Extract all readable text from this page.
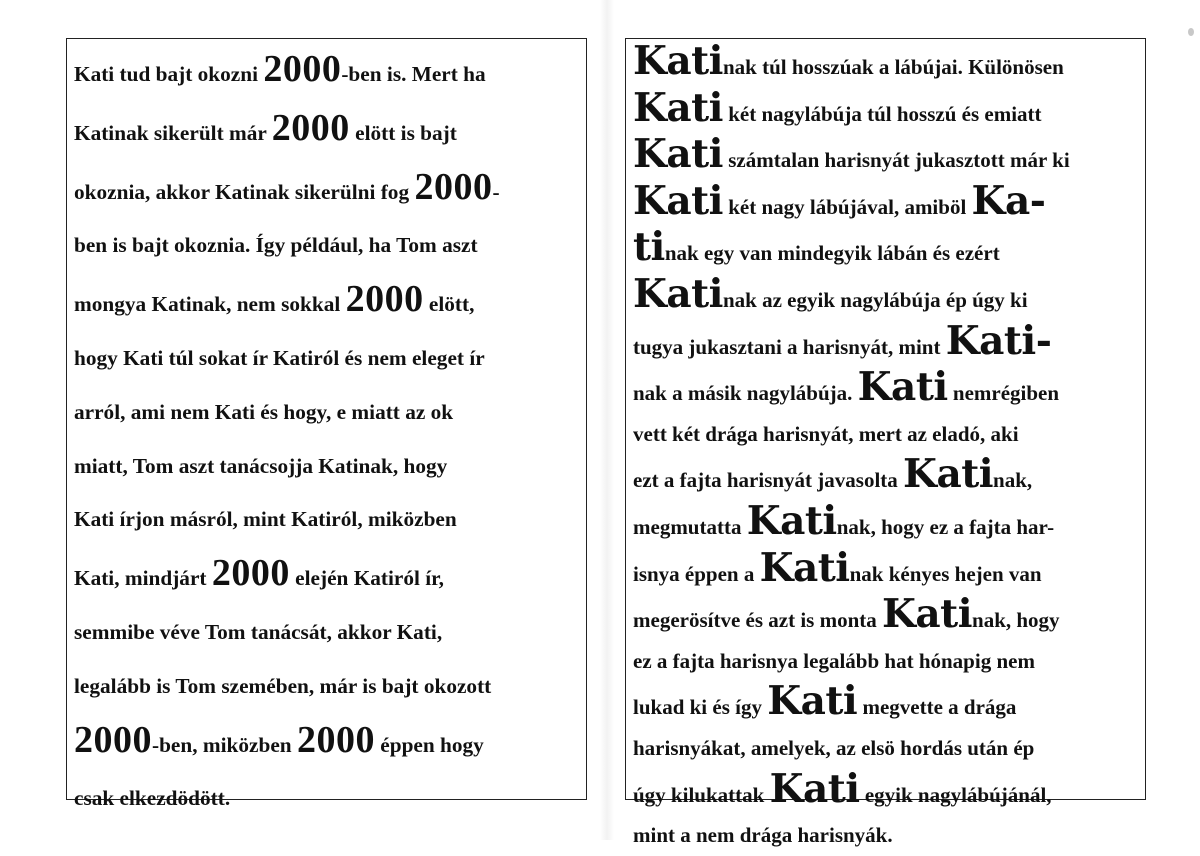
Kati tud bajt okozni 2000-ben is. Mert ha
Katinak sikerült már 2000 elött is bajt
okoznia, akkor Katinak sikerülni fog 2000-
ben is bajt okoznia. Így például, ha Tom aszt
mongya Katinak, nem sokkal 2000 elött,
hogy Kati túl sokat ír Katiról és nem eleget ír
arról, ami nem Kati és hogy, e miatt az ok
miatt, Tom aszt tanácsojja Katinak, hogy
Kati írjon másról, mint Katiról, miközben
Kati, mindjárt 2000 elején Katiról ír,
semmibe véve Tom tanácsát, akkor Kati,
legalább is Tom szemében, már is bajt okozott
2000-ben, miközben 2000 éppen hogy
csak elkezdödött.
Katinak túl hosszúak a lábújai. Különösen
Kati két nagylábúja túl hosszú és emiatt
Kati számtalan harisnyát jukasztott már ki
Kati két nagy lábújával, amiböl Ka-
tinak egy van mindegyik lábán és ezért
Katinak az egyik nagylábúja ép úgy ki
tugya jukasztani a harisnyát, mint Kati-
nak a másik nagylábúja. Kati nemrégiben
vett két drága harisnyát, mert az eladó, aki
ezt a fajta harisnyát javasolta Katinak,
megmutatta Katinak, hogy ez a fajta har-
isnya éppen a Katinak kényes hejen van
megerösítve és azt is monta Katinak, hogy
ez a fajta harisnya legalább hat hónapig nem
lukad ki és így Kati megvette a drága
harisnyákat, amelyek, az elsö hordás után ép
úgy kilukattak Kati egyik nagylábújánál,
mint a nem drága harisnyák.
